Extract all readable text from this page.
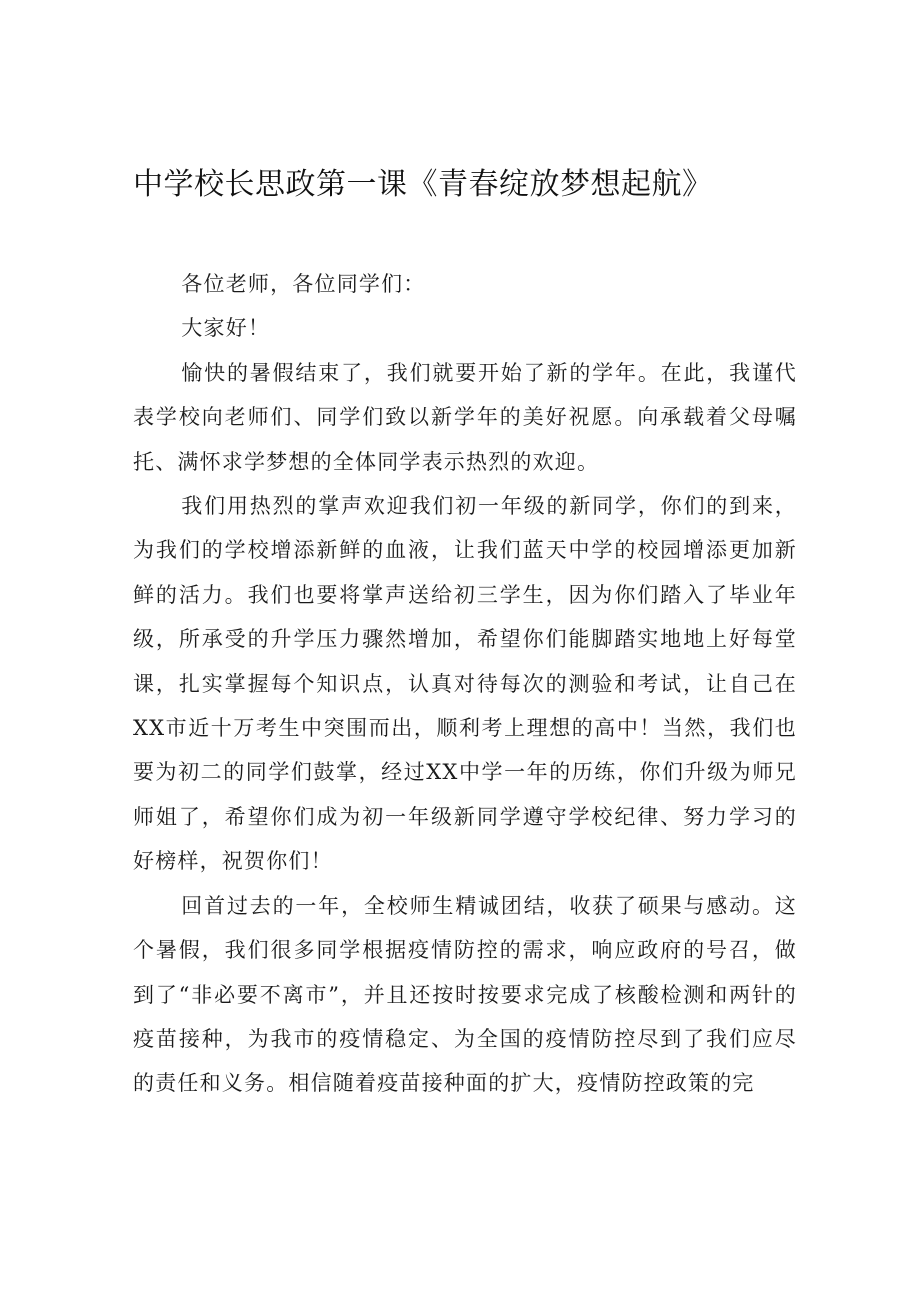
中学校长思政第一课《青春绽放梦想起航》

各位老师，各位同学们：

大家好！

愉快的暑假结束了，我们就要开始了新的学年。在此，我谨代表学校向老师们、同学们致以新学年的美好祝愿。向承载着父母嘱托、满怀求学梦想的全体同学表示热烈的欢迎。

我们用热烈的掌声欢迎我们初一年级的新同学，你们的到来，为我们的学校增添新鲜的血液，让我们蓝天中学的校园增添更加新鲜的活力。我们也要将掌声送给初三学生，因为你们踏入了毕业年级，所承受的升学压力骤然增加，希望你们能脚踏实地地上好每堂课，扎实掌握每个知识点，认真对待每次的测验和考试，让自己在XX市近十万考生中突围而出，顺利考上理想的高中！当然，我们也要为初二的同学们鼓掌，经过XX中学一年的历练，你们升级为师兄师姐了，希望你们成为初一年级新同学遵守学校纪律、努力学习的好榜样，祝贺你们！

回首过去的一年，全校师生精诚团结，收获了硕果与感动。这个暑假，我们很多同学根据疫情防控的需求，响应政府的号召，做到了“非必要不离市”，并且还按时按要求完成了核酸检测和两针的疫苗接种，为我市的疫情稳定、为全国的疫情防控尽到了我们应尽的责任和义务。相信随着疫苗接种面的扩大，疫情防控政策的完
